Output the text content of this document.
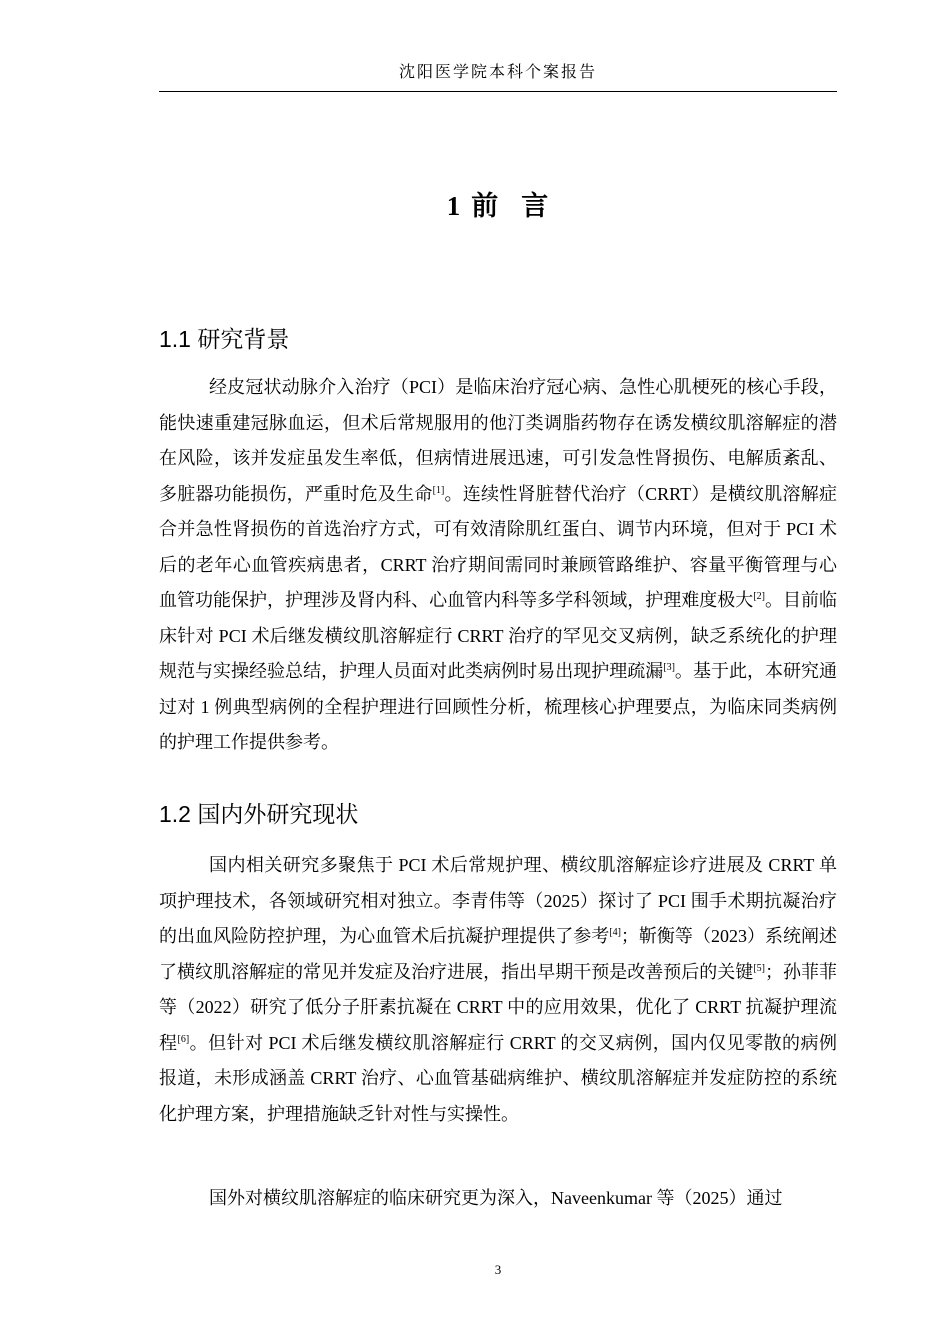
沈阳医学院本科个案报告
1 前 言
1.1 研究背景

经皮冠状动脉介入治疗（PCI）是临床治疗冠心病、急性心肌梗死的核心手段，能快速重建冠脉血运，但术后常规服用的他汀类调脂药物存在诱发横纹肌溶解症的潜在风险，该并发症虽发生率低，但病情进展迅速，可引发急性肾损伤、电解质紊乱、多脏器功能损伤，严重时危及生命[1]。连续性肾脏替代治疗（CRRT）是横纹肌溶解症合并急性肾损伤的首选治疗方式，可有效清除肌红蛋白、调节内环境，但对于 PCI 术后的老年心血管疾病患者，CRRT 治疗期间需同时兼顾管路维护、容量平衡管理与心血管功能保护，护理涉及肾内科、心血管内科等多学科领域，护理难度极大[2]。目前临床针对 PCI 术后继发横纹肌溶解症行 CRRT 治疗的罕见交叉病例，缺乏系统化的护理规范与实操经验总结，护理人员面对此类病例时易出现护理疏漏[3]。基于此，本研究通过对 1 例典型病例的全程护理进行回顾性分析，梳理核心护理要点，为临床同类病例的护理工作提供参考。

1.2 国内外研究现状

国内相关研究多聚焦于 PCI 术后常规护理、横纹肌溶解症诊疗进展及 CRRT 单项护理技术，各领域研究相对独立。李青伟等（2025）探讨了 PCI 围手术期抗凝治疗的出血风险防控护理，为心血管术后抗凝护理提供了参考[4]；靳衡等（2023）系统阐述了横纹肌溶解症的常见并发症及治疗进展，指出早期干预是改善预后的关键[5]；孙菲菲等（2022）研究了低分子肝素抗凝在 CRRT 中的应用效果，优化了 CRRT 抗凝护理流程[6]。但针对 PCI 术后继发横纹肌溶解症行 CRRT 的交叉病例，国内仅见零散的病例报道，未形成涵盖 CRRT 治疗、心血管基础病维护、横纹肌溶解症并发症防控的系统化护理方案，护理措施缺乏针对性与实操性。

国外对横纹肌溶解症的临床研究更为深入，Naveenkumar 等（2025）通过

3
